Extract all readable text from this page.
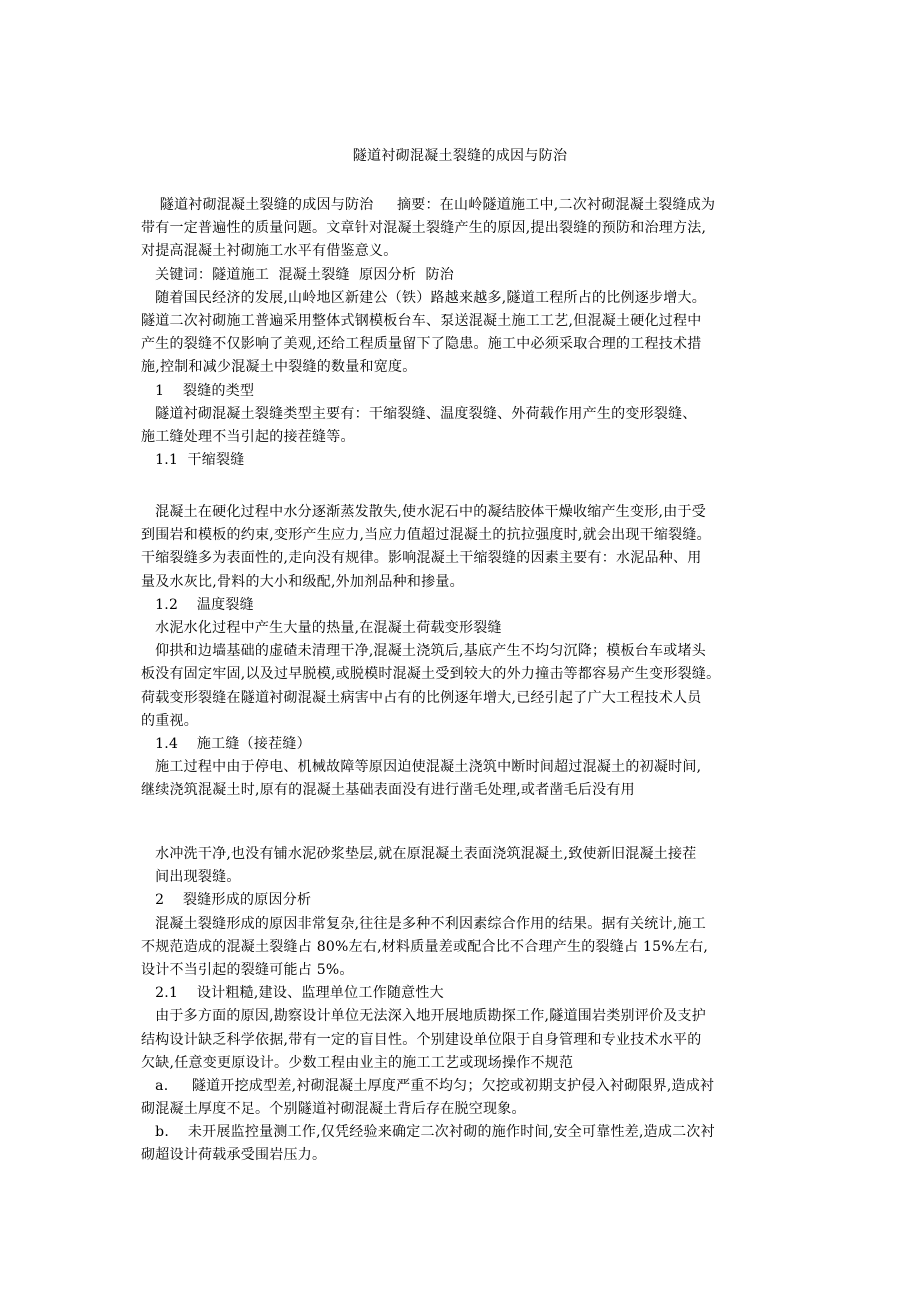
隧道衬砌混凝土裂缝的成因与防治
隧道衬砌混凝土裂缝的成因与防治     摘要：在山岭隧道施工中,二次衬砌混凝土裂缝成为
带有一定普遍性的质量问题。文章针对混凝土裂缝产生的原因,提出裂缝的预防和治理方法,
对提高混凝土衬砌施工水平有借鉴意义。
关键词：隧道施工  混凝土裂缝  原因分析  防治
随着国民经济的发展,山岭地区新建公（铁）路越来越多,隧道工程所占的比例逐步增大。
隧道二次衬砌施工普遍采用整体式钢模板台车、泵送混凝土施工工艺,但混凝土硬化过程中
产生的裂缝不仅影响了美观,还给工程质量留下了隐患。施工中必须采取合理的工程技术措
施,控制和减少混凝土中裂缝的数量和宽度。
1    裂缝的类型
隧道衬砌混凝土裂缝类型主要有：干缩裂缝、温度裂缝、外荷载作用产生的变形裂缝、
施工缝处理不当引起的接茬缝等。
1.1  干缩裂缝
混凝土在硬化过程中水分逐渐蒸发散失,使水泥石中的凝结胶体干燥收缩产生变形,由于受
到围岩和模板的约束,变形产生应力,当应力值超过混凝土的抗拉强度时,就会出现干缩裂缝。
干缩裂缝多为表面性的,走向没有规律。影响混凝土干缩裂缝的因素主要有：水泥品种、用
量及水灰比,骨料的大小和级配,外加剂品种和掺量。
1.2    温度裂缝
水泥水化过程中产生大量的热量,在混凝土荷载变形裂缝
仰拱和边墙基础的虚碴未清理干净,混凝土浇筑后,基底产生不均匀沉降；模板台车或堵头
板没有固定牢固,以及过早脱模,或脱模时混凝土受到较大的外力撞击等都容易产生变形裂缝。
荷载变形裂缝在隧道衬砌混凝土病害中占有的比例逐年增大,已经引起了广大工程技术人员
的重视。
1.4    施工缝（接茬缝）
施工过程中由于停电、机械故障等原因迫使混凝土浇筑中断时间超过混凝土的初凝时间,
继续浇筑混凝土时,原有的混凝土基础表面没有进行凿毛处理,或者凿毛后没有用
水冲洗干净,也没有铺水泥砂浆垫层,就在原混凝土表面浇筑混凝土,致使新旧混凝土接茬
间出现裂缝。
2    裂缝形成的原因分析
混凝土裂缝形成的原因非常复杂,往往是多种不利因素综合作用的结果。据有关统计,施工
不规范造成的混凝土裂缝占 80%左右,材料质量差或配合比不合理产生的裂缝占 15%左右,
设计不当引起的裂缝可能占 5%。
2.1    设计粗糙,建设、监理单位工作随意性大
由于多方面的原因,勘察设计单位无法深入地开展地质勘探工作,隧道围岩类别评价及支护
结构设计缺乏科学依据,带有一定的盲目性。个别建设单位限于自身管理和专业技术水平的
欠缺,任意变更原设计。少数工程由业主的施工工艺或现场操作不规范
a.     隧道开挖成型差,衬砌混凝土厚度严重不均匀；欠挖或初期支护侵入衬砌限界,造成衬
砌混凝土厚度不足。个别隧道衬砌混凝土背后存在脱空现象。
b.    未开展监控量测工作,仅凭经验来确定二次衬砌的施作时间,安全可靠性差,造成二次衬
砌超设计荷载承受围岩压力。
